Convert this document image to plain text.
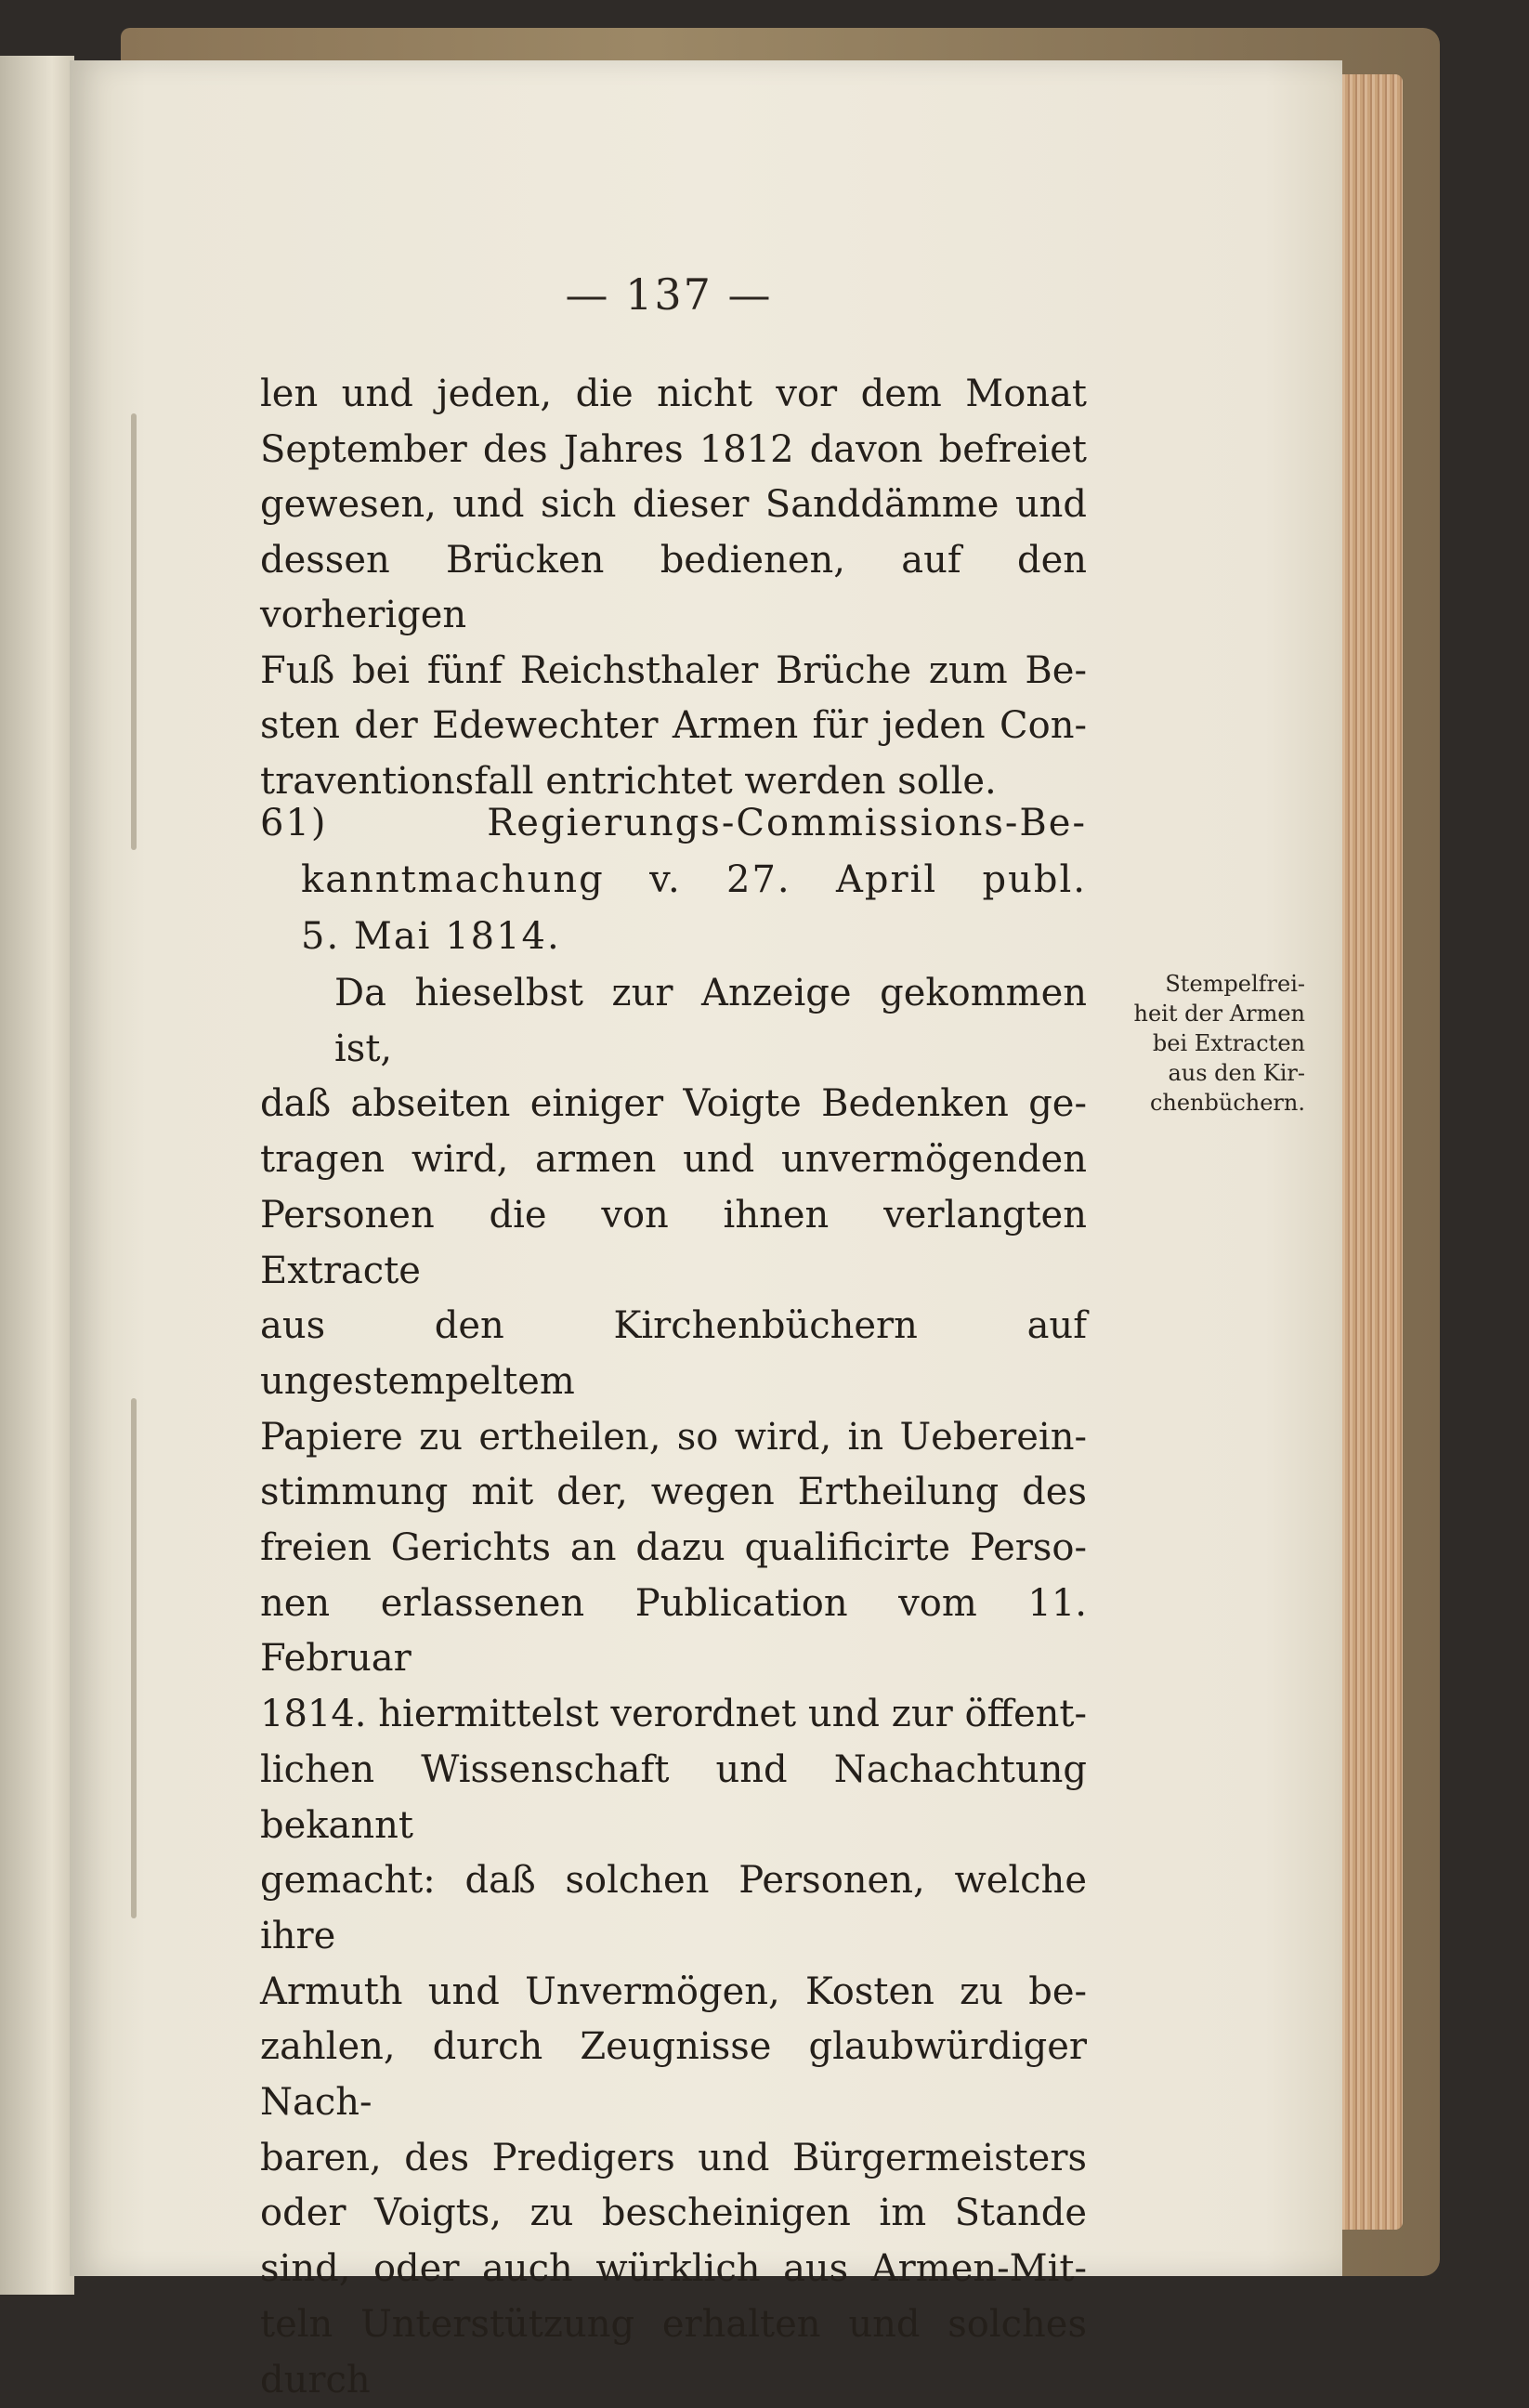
— 137 —

len und jeden, die nicht vor dem Monat

September des Jahres 1812 davon befreiet

gewesen, und sich dieser Sanddämme und

dessen Brücken bedienen, auf den vorherigen

Fuß bei fünf Reichsthaler Brüche zum Be-

sten der Edewechter Armen für jeden Con-

traventionsfall entrichtet werden solle.

61) Regierungs-Commissions-Be-

kanntmachung v. 27. April publ.

5. Mai 1814.

Da hieselbst zur Anzeige gekommen ist,

daß abseiten einiger Voigte Bedenken ge-

tragen wird, armen und unvermögenden

Personen die von ihnen verlangten Extracte

aus den Kirchenbüchern auf ungestempeltem

Papiere zu ertheilen, so wird, in Ueberein-

stimmung mit der, wegen Ertheilung des

freien Gerichts an dazu qualificirte Perso-

nen erlassenen Publication vom 11. Februar

1814. hiermittelst verordnet und zur öffent-

lichen Wissenschaft und Nachachtung bekannt

gemacht: daß solchen Personen, welche ihre

Armuth und Unvermögen, Kosten zu be-

zahlen, durch Zeugnisse glaubwürdiger Nach-

baren, des Predigers und Bürgermeisters

oder Voigts, zu bescheinigen im Stande

sind, oder auch würklich aus Armen-Mit-

teln Unterstützung erhalten und solches durch

Stempelfrei-
heit der Armen
bei Extracten
aus den Kir-
chenbüchern.
